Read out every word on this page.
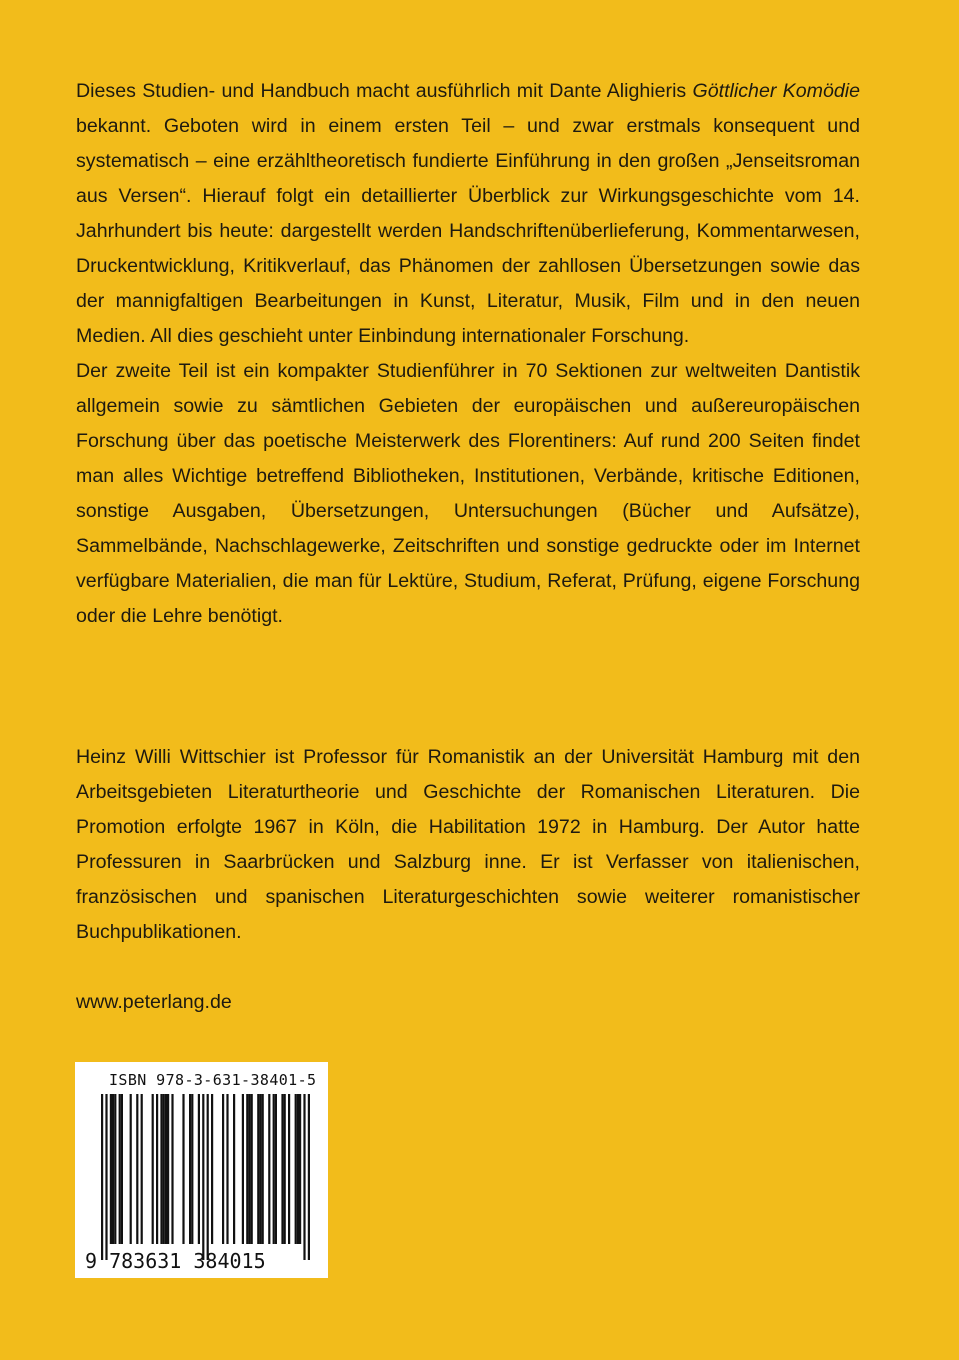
Dieses Studien- und Handbuch macht ausführlich mit Dante Alighieris Göttlicher Komödie bekannt. Geboten wird in einem ersten Teil – und zwar erstmals konsequent und systematisch – eine erzähltheoretisch fundierte Einführung in den großen „Jenseitsroman aus Versen“. Hierauf folgt ein detaillierter Überblick zur Wirkungsgeschichte vom 14. Jahrhundert bis heute: dargestellt werden Handschriftenüberlieferung, Kommentarwesen, Druckentwicklung, Kritikverlauf, das Phänomen der zahllosen Übersetzungen sowie das der mannigfaltigen Bearbeitungen in Kunst, Literatur, Musik, Film und in den neuen Medien. All dies geschieht unter Einbindung internationaler Forschung.

Der zweite Teil ist ein kompakter Studienführer in 70 Sektionen zur weltweiten Dantistik allgemein sowie zu sämtlichen Gebieten der europäischen und außereuropäischen Forschung über das poetische Meisterwerk des Florentiners: Auf rund 200 Seiten findet man alles Wichtige betreffend Bibliotheken, Institutionen, Verbände, kritische Editionen, sonstige Ausgaben, Übersetzungen, Untersuchungen (Bücher und Aufsätze), Sammelbände, Nachschlagewerke, Zeitschriften und sonstige gedruckte oder im Internet verfügbare Materialien, die man für Lektüre, Studium, Referat, Prüfung, eigene Forschung oder die Lehre benötigt.

Heinz Willi Wittschier ist Professor für Romanistik an der Universität Hamburg mit den Arbeitsgebieten Literaturtheorie und Geschichte der Romanischen Literaturen. Die Promotion erfolgte 1967 in Köln, die Habilitation 1972 in Hamburg. Der Autor hatte Professuren in Saarbrücken und Salzburg inne. Er ist Verfasser von italienischen, französischen und spanischen Literaturgeschichten sowie weiterer romanistischer Buchpublikationen.

www.peterlang.de
ISBN 978-3-631-38401-5
9 783631 384015
